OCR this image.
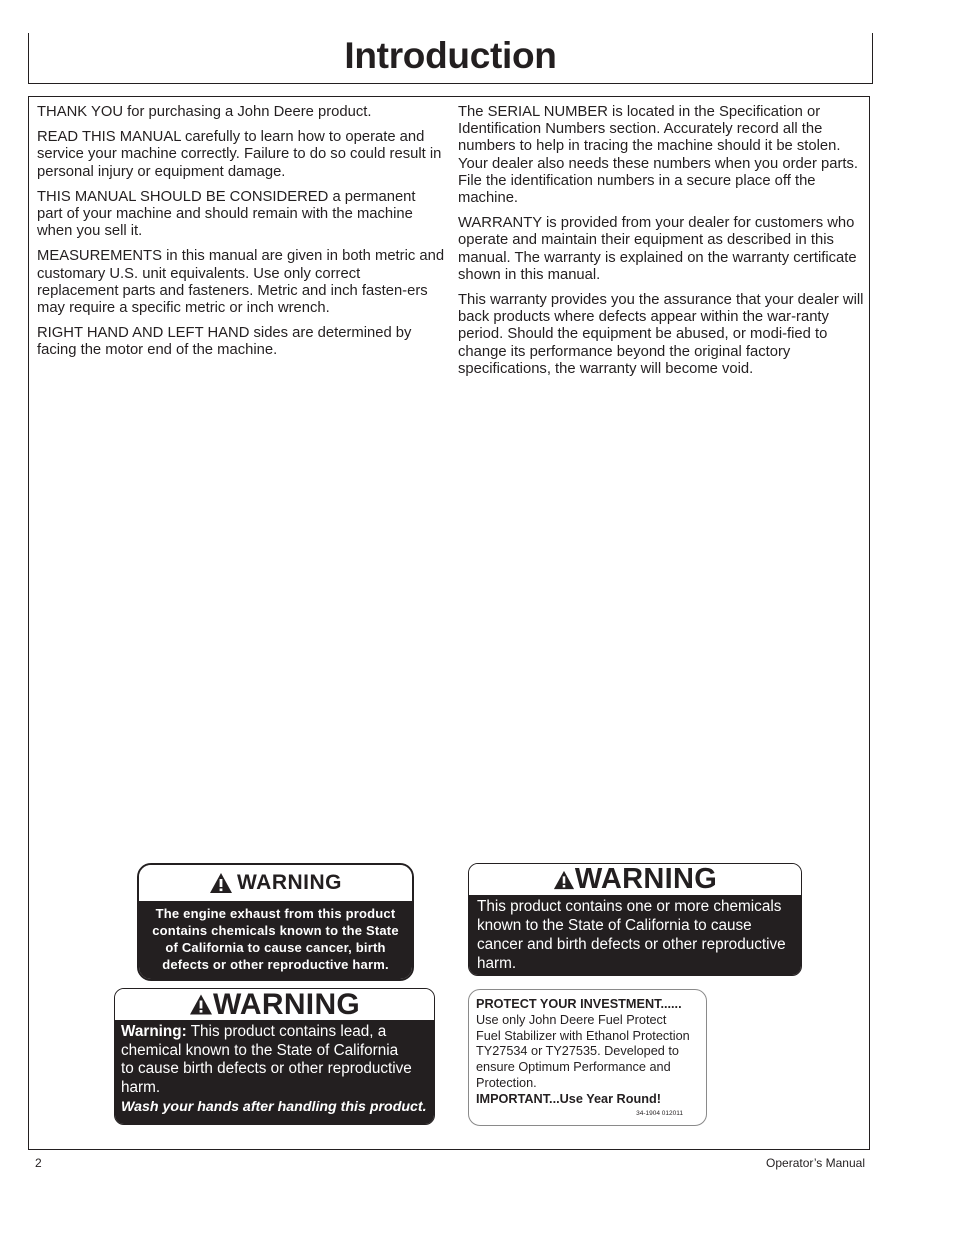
Introduction

THANK YOU for purchasing a John Deere product.

READ THIS MANUAL carefully to learn how to operate and service your machine correctly. Failure to do so could result in personal injury or equipment damage.

THIS MANUAL SHOULD BE CONSIDERED a permanent part of your machine and should remain with the machine when you sell it.

MEASUREMENTS in this manual are given in both metric and customary U.S. unit equivalents. Use only correct replacement parts and fasteners. Metric and inch fasten-ers may require a specific metric or inch wrench.

RIGHT HAND AND LEFT HAND sides are determined by facing the motor end of the machine.

The SERIAL NUMBER is located in the Specification or Identification Numbers section. Accurately record all the numbers to help in tracing the machine should it be stolen. Your dealer also needs these numbers when you order parts. File the identification numbers in a secure place off the machine.

WARRANTY is provided from your dealer for customers who operate and maintain their equipment as described in this manual. The warranty is explained on the warranty certificate shown in this manual.

This warranty provides you the assurance that your dealer will back products where defects appear within the war-ranty period. Should the equipment be abused, or modi-fied to change its performance beyond the original factory specifications, the warranty will become void.

WARNING
The engine exhaust from this product
contains chemicals known to the State
of California to cause cancer, birth
defects or other reproductive harm.
WARNING
This product contains one or more chemicals
known to the State of California to cause
cancer and birth defects or other reproductive
harm.
WARNING
Warning: This product contains lead, a
chemical known to the State of California
to cause birth defects or other reproductive
harm.
Wash your hands after handling this product.
PROTECT YOUR INVESTMENT......
Use only John Deere Fuel Protect
Fuel Stabilizer with Ethanol Protection
TY27534 or TY27535. Developed to
ensure Optimum Performance and
Protection.
IMPORTANT...Use Year Round!
34-1904 012011
2	Operator’s Manual
